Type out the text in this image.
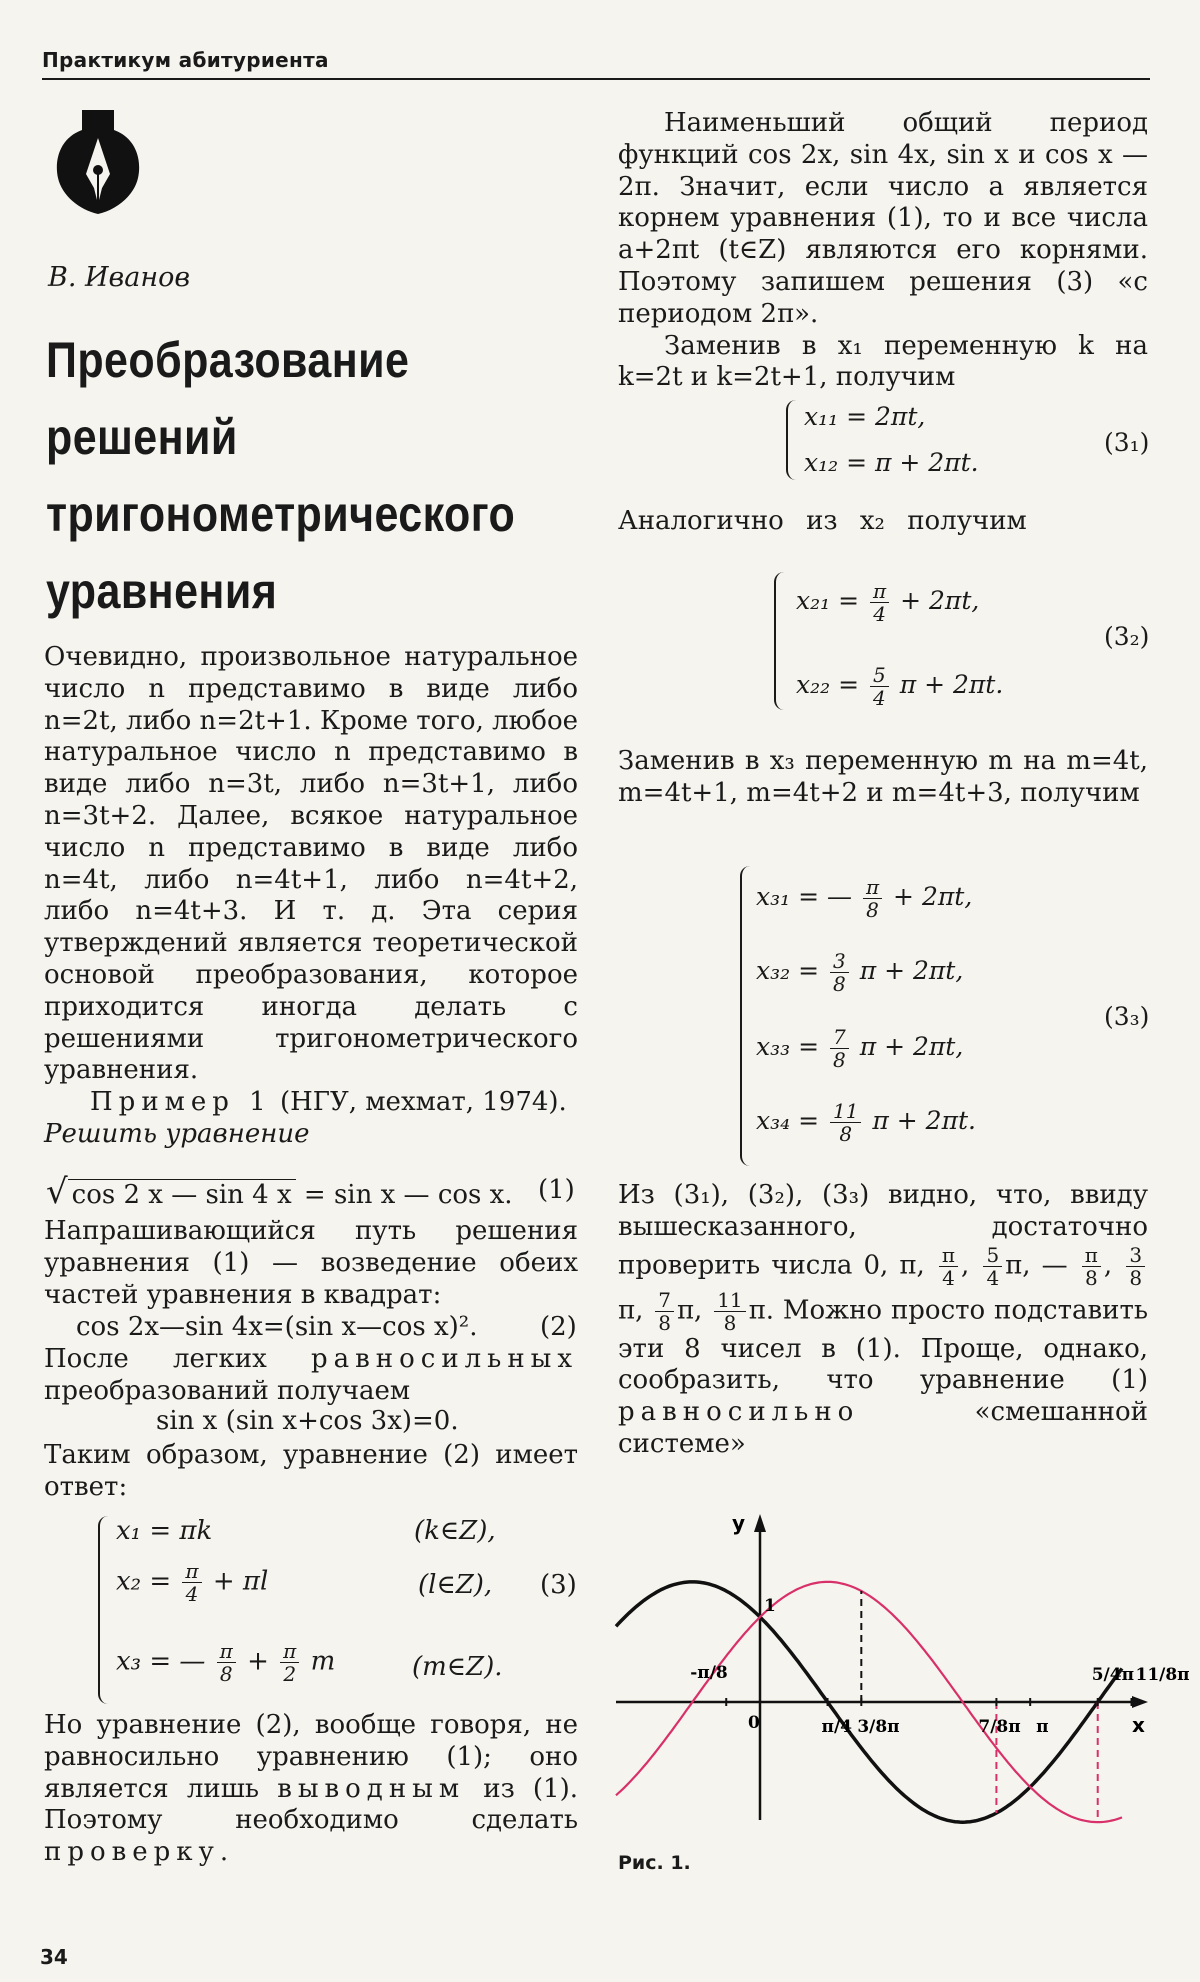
Практикум абитуриента
В. Иванов
Преобразование решений тригонометрического уравнения

Очевидно, произвольное натуральное число n представимо в виде либо n=2t, либо n=2t+1. Кроме того, любое натуральное число n представимо в виде либо n=3t, либо n=3t+1, либо n=3t+2. Далее, всякое натуральное число n представимо в виде либо n=4t, либо n=4t+1, либо n=4t+2, либо n=4t+3. И т. д. Эта серия утверждений является теоретической основой преобразования, которое приходится иногда делать с решениями тригонометрического уравнения.

Пример 1 (НГУ, мехмат, 1974).

Решить уравнение

√ cos 2 x — sin 4 x = sin x — cos x. (1)

Напрашивающийся путь решения уравнения (1) — возведение обеих частей уравнения в квадрат:

cos 2x—sin 4x=(sin x—cos x)². (2)

После легких равносильных преобразований получаем

sin x (sin x+cos 3x)=0.

Таким образом, уравнение (2) имеет ответ:

x₁ = πk	(k∈Z),
$x_2 = \frac{\pi}{4} + \pi l$	(l∈Z), (3)
x₃ = — $\frac{\pi}{8} + \frac{\pi}{2}$ m	(m∈Z).

Но уравнение (2), вообще говоря, не равносильно уравнению (1); оно является лишь выводным из (1). Поэтому необходимо сделать проверку.

Наименьший общий период функций cos 2x, sin 4x, sin x и cos x — 2π. Значит, если число a является корнем уравнения (1), то и все числа a+2πt (t∈Z) являются его корнями. Поэтому запишем решения (3) «с периодом 2π».

Заменив в x₁ переменную k на k=2t и k=2t+1, получим

x₁₁ = 2πt,
x₁₂ = π + 2πt.
(3₁)
Аналогично из x₂ получим
$x_{21} = \frac{\pi}{4} + 2\pi t$,
(3₂)
$x_{22} = \frac{5}{4}$ π + 2πt.

Заменив в x₃ переменную m на m=4t, m=4t+1, m=4t+2 и m=4t+3, получим

x₃₁ = — $\frac{\pi}{8} + 2\pi t$,
$x_{32} = \frac{3}{8}$ π + 2πt,
(3₃)
$x_{33} = \frac{7}{8}$ π + 2πt,
$x_{34} = \frac{11}{8}$ π + 2πt.

Из (3₁), (3₂), (3₃) видно, что, ввиду вышесказанного, достаточно проверить числа 0, π, $\frac{\pi}{4}$ , $\frac{5}{4} \pi$, — $\frac{\pi}{8}$ , $\frac{3}{8}$
π, $\frac{7}{8} \pi$, $\frac{11}{8} \pi$. Можно просто подставить эти 8 чисел в (1). Проще, однако, сообразить, что уравнение (1) равносильно	«смешанной системе»

y
x
-π/8
0	π/4 3/8π	7/8π π
5/4π 11/8π
1
Рис. 1.
34
